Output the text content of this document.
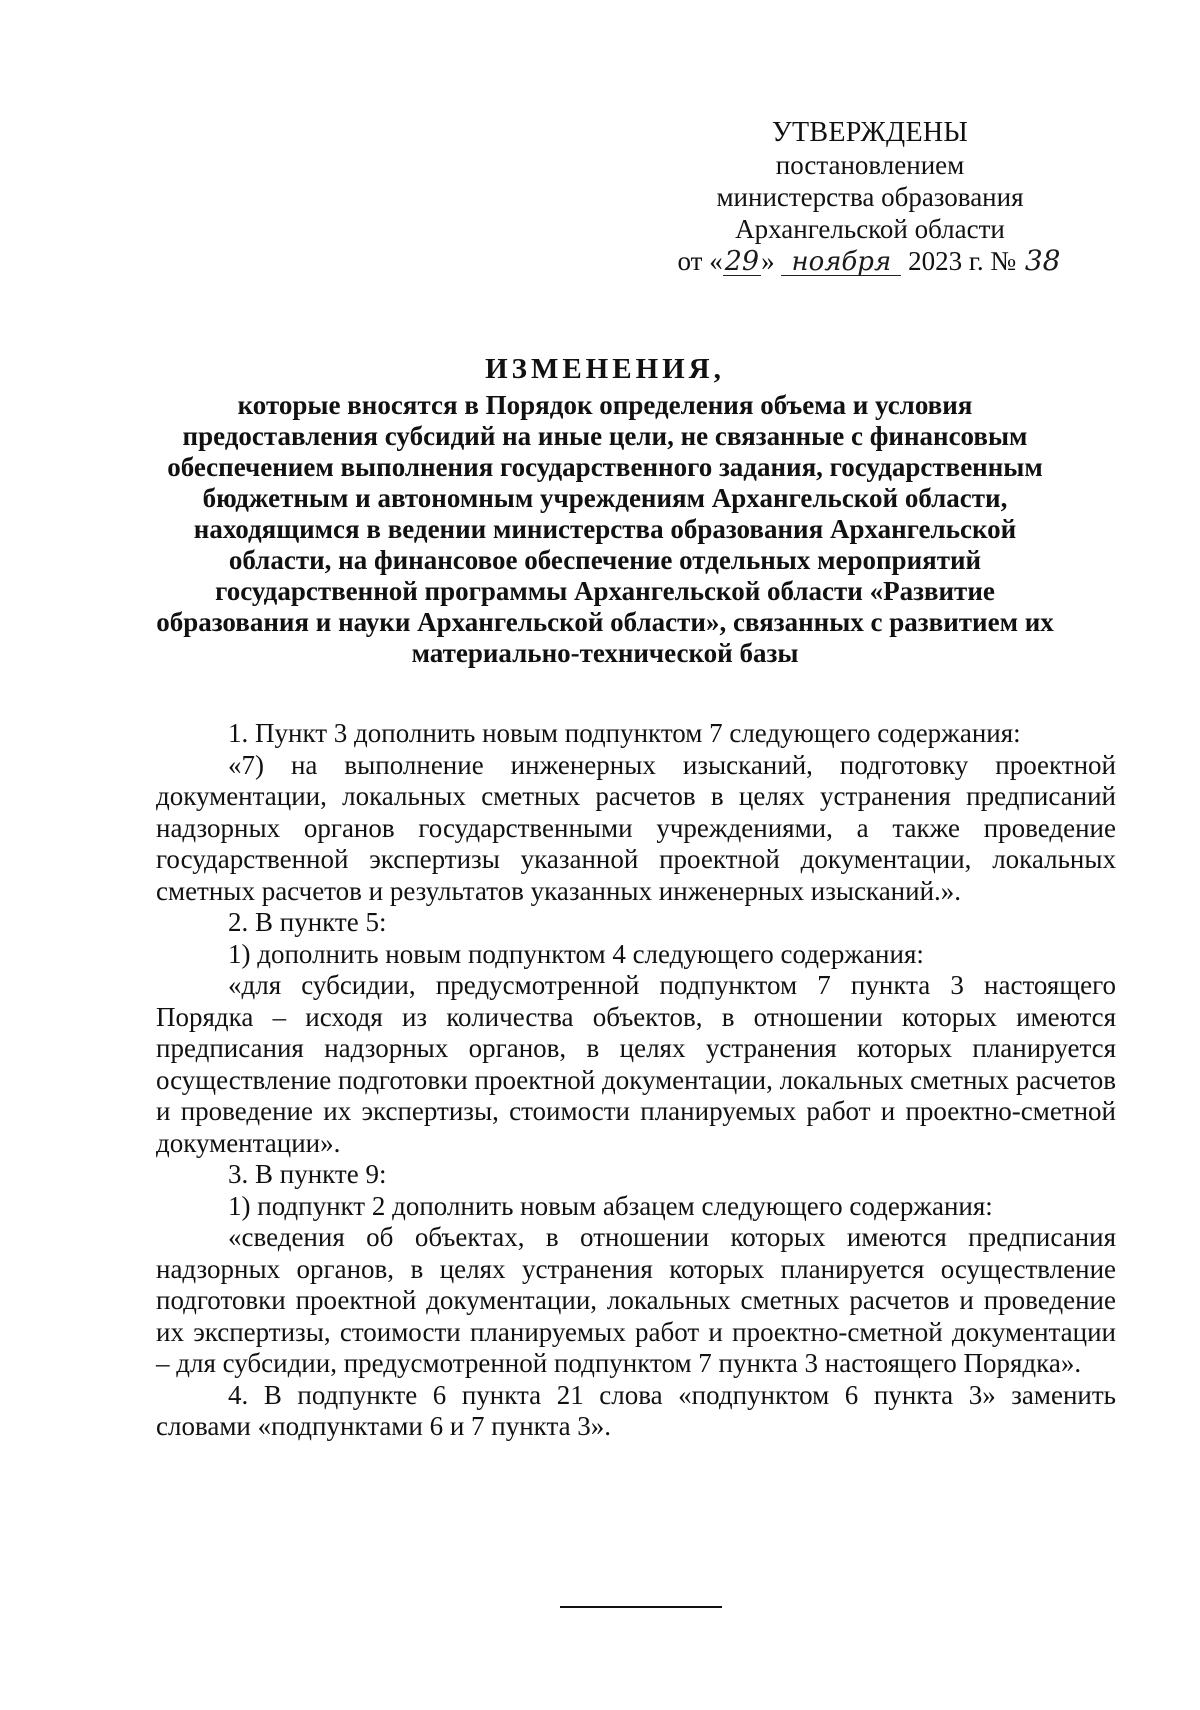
УТВЕРЖДЕНЫ
постановлением
министерства образования
Архангельской области
от «29» ноября 2023 г. № 38
ИЗМЕНЕНИЯ,
которые вносятся в Порядок определения объема и условия предоставления субсидий на иные цели, не связанные с финансовым обеспечением выполнения государственного задания, государственным бюджетным и автономным учреждениям Архангельской области, находящимся в ведении министерства образования Архангельской области, на финансовое обеспечение отдельных мероприятий государственной программы Архангельской области «Развитие образования и науки Архангельской области», связанных с развитием их материально-технической базы

1. Пункт 3 дополнить новым подпунктом 7 следующего содержания:

«7) на выполнение инженерных изысканий, подготовку проектной документации, локальных сметных расчетов в целях устранения предписаний надзорных органов государственными учреждениями, а также проведение государственной экспертизы указанной проектной документации, локальных сметных расчетов и результатов указанных инженерных изысканий.».

2. В пункте 5:

1) дополнить новым подпунктом 4 следующего содержания:

«для субсидии, предусмотренной подпунктом 7 пункта 3 настоящего Порядка – исходя из количества объектов, в отношении которых имеются предписания надзорных органов, в целях устранения которых планируется осуществление подготовки проектной документации, локальных сметных расчетов и проведение их экспертизы, стоимости планируемых работ и проектно-сметной документации».

3. В пункте 9:

1) подпункт 2 дополнить новым абзацем следующего содержания:

«сведения об объектах, в отношении которых имеются предписания надзорных органов, в целях устранения которых планируется осуществление подготовки проектной документации, локальных сметных расчетов и проведение их экспертизы, стоимости планируемых работ и проектно-сметной документации – для субсидии, предусмотренной подпунктом 7 пункта 3 настоящего Порядка».

4. В подпункте 6 пункта 21 слова «подпунктом 6 пункта 3» заменить словами «подпунктами 6 и 7 пункта 3».
